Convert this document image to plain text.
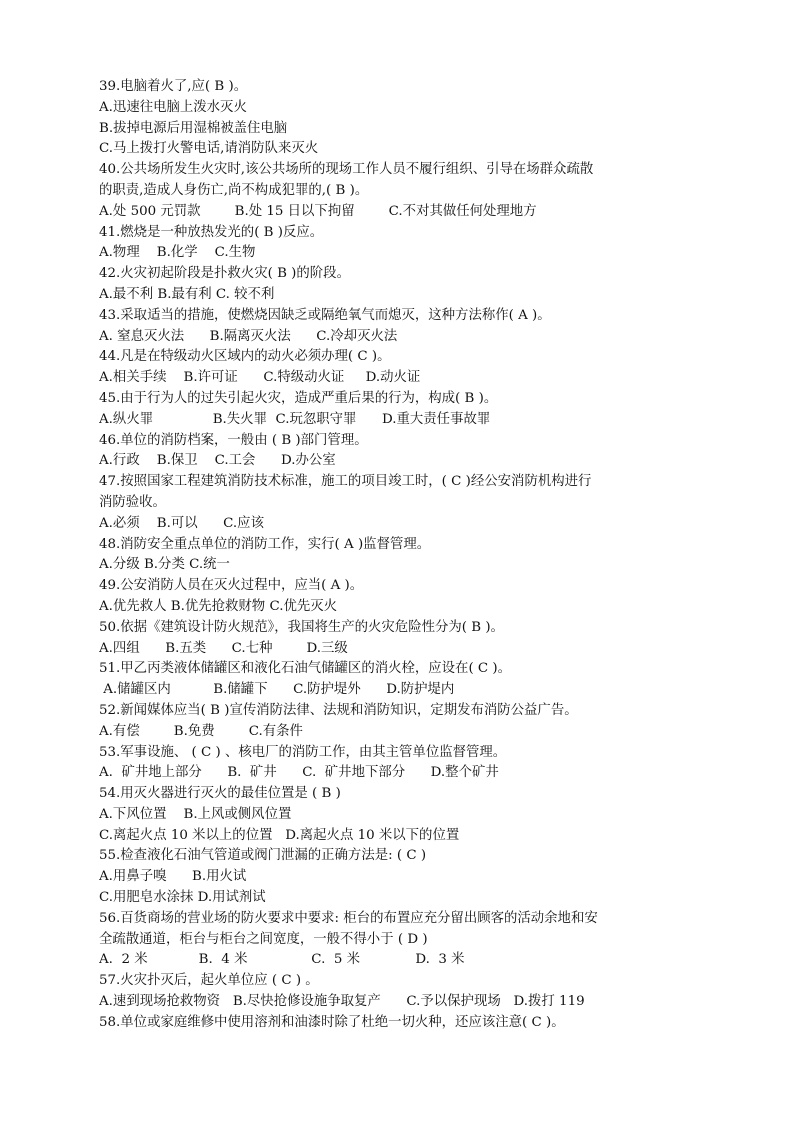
39.电脑着火了,应( B )。
A.迅速往电脑上泼水灭火
B.拔掉电源后用湿棉被盖住电脑
C.马上拨打火警电话,请消防队来灭火
40.公共场所发生火灾时,该公共场所的现场工作人员不履行组织、引导在场群众疏散
的职责,造成人身伤亡,尚不构成犯罪的,( B )。
A.处 500 元罚款        B.处 15 日以下拘留        C.不对其做任何处理地方
41.燃烧是一种放热发光的( B )反应。
A.物理    B.化学    C.生物
42.火灾初起阶段是扑救火灾( B )的阶段。
A.最不利 B.最有利 C. 较不利
43.采取适当的措施，使燃烧因缺乏或隔绝氧气而熄灭，这种方法称作( A )。
A. 窒息灭火法      B.隔离灭火法      C.冷却灭火法
44.凡是在特级动火区域内的动火必须办理( C )。
A.相关手续    B.许可证      C.特级动火证     D.动火证
45.由于行为人的过失引起火灾，造成严重后果的行为，构成( B )。
A.纵火罪              B.失火罪  C.玩忽职守罪      D.重大责任事故罪
46.单位的消防档案，一般由 ( B )部门管理。
A.行政    B.保卫    C.工会      D.办公室
47.按照国家工程建筑消防技术标准，施工的项目竣工时，( C )经公安消防机构进行
消防验收。
A.必须    B.可以      C.应该
48.消防安全重点单位的消防工作，实行( A )监督管理。
A.分级 B.分类 C.统一
49.公安消防人员在灭火过程中，应当( A )。
A.优先救人 B.优先抢救财物 C.优先灭火
50.依据《建筑设计防火规范》，我国将生产的火灾危险性分为( B )。
A.四组      B.五类      C.七种        D.三级
51.甲乙丙类液体储罐区和液化石油气储罐区的消火栓，应设在( C )。
A.储罐区内          B.储罐下      C.防护堤外      D.防护堤内
52.新闻媒体应当( B )宣传消防法律、法规和消防知识，定期发布消防公益广告。
A.有偿        B.免费        C.有条件
53.军事设施、 ( C ) 、核电厂的消防工作，由其主管单位监督管理。
A.  矿井地上部分      B.  矿井      C.  矿井地下部分      D.整个矿井
54.用灭火器进行灭火的最佳位置是 ( B )
A.下风位置    B.上风或侧风位置
C.离起火点 10 米以上的位置   D.离起火点 10 米以下的位置
55.检查液化石油气管道或阀门泄漏的正确方法是: ( C )
A.用鼻子嗅      B.用火试
C.用肥皂水涂抹 D.用试剂试
56.百货商场的营业场的防火要求中要求: 柜台的布置应充分留出顾客的活动余地和安
全疏散通道，柜台与柜台之间宽度，一般不得小于 ( D )
A.  2 米            B.  4 米               C.  5 米             D.  3 米
57.火灾扑灭后，起火单位应 ( C ) 。
A.速到现场抢救物资   B.尽快抢修设施争取复产      C.予以保护现场   D.拨打 119
58.单位或家庭维修中使用溶剂和油漆时除了杜绝一切火种，还应该注意( C )。
